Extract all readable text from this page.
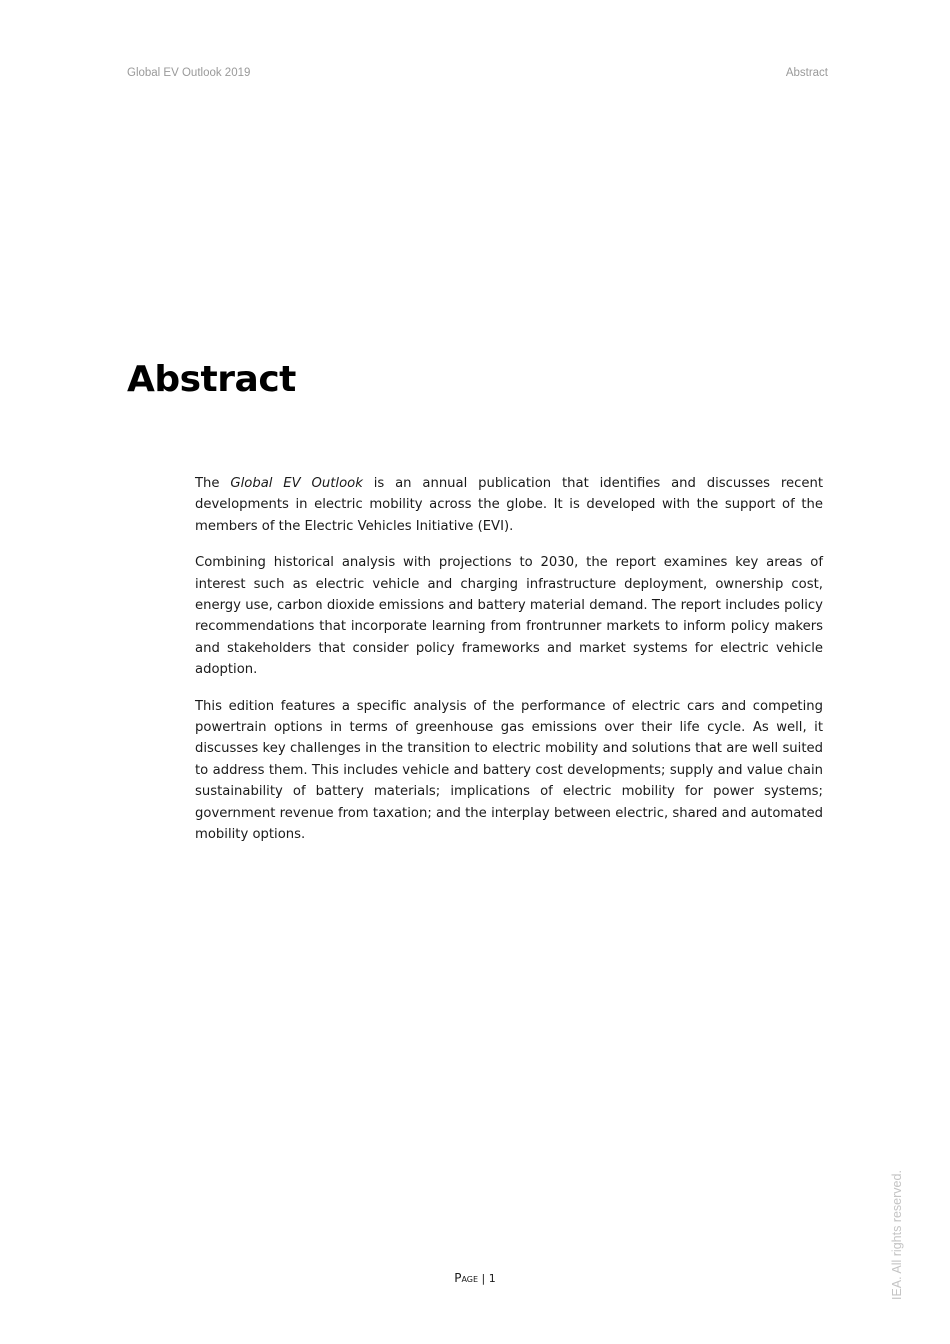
Global EV Outlook 2019	Abstract
Abstract

The Global EV Outlook is an annual publication that identifies and discusses recent developments in electric mobility across the globe. It is developed with the support of the members of the Electric Vehicles Initiative (EVI).

Combining historical analysis with projections to 2030, the report examines key areas of interest such as electric vehicle and charging infrastructure deployment, ownership cost, energy use, carbon dioxide emissions and battery material demand. The report includes policy recommendations that incorporate learning from frontrunner markets to inform policy makers and stakeholders that consider policy frameworks and market systems for electric vehicle adoption.

This edition features a specific analysis of the performance of electric cars and competing powertrain options in terms of greenhouse gas emissions over their life cycle. As well, it discusses key challenges in the transition to electric mobility and solutions that are well suited to address them. This includes vehicle and battery cost developments; supply and value chain sustainability of battery materials; implications of electric mobility for power systems; government revenue from taxation; and the interplay between electric, shared and automated mobility options.

Page | 1	IEA. All rights reserved.
